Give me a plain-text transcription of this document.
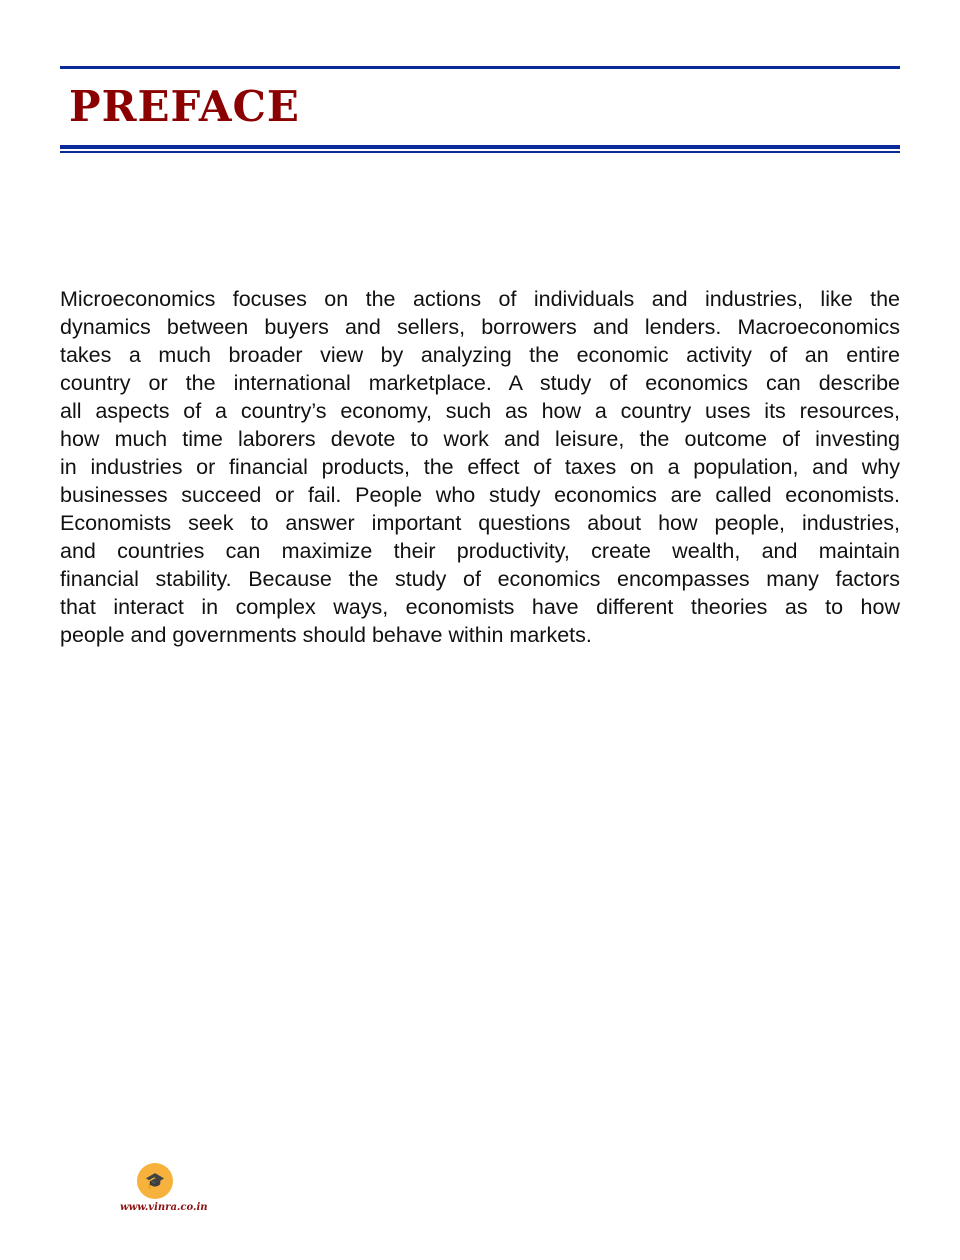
PREFACE
Microeconomics focuses on the actions of individuals and industries, like the
dynamics between buyers and sellers, borrowers and lenders. Macroeconomics
takes a much broader view by analyzing the economic activity of an entire
country or the international marketplace. A study of economics can describe
all aspects of a country’s economy, such as how a country uses its resources,
how much time laborers devote to work and leisure, the outcome of investing
in industries or financial products, the effect of taxes on a population, and why
businesses succeed or fail. People who study economics are called economists.
Economists seek to answer important questions about how people, industries,
and countries can maximize their productivity, create wealth, and maintain
financial stability. Because the study of economics encompasses many factors
that interact in complex ways, economists have different theories as to how
people and governments should behave within markets.
🎓
www.vinra.co.in
